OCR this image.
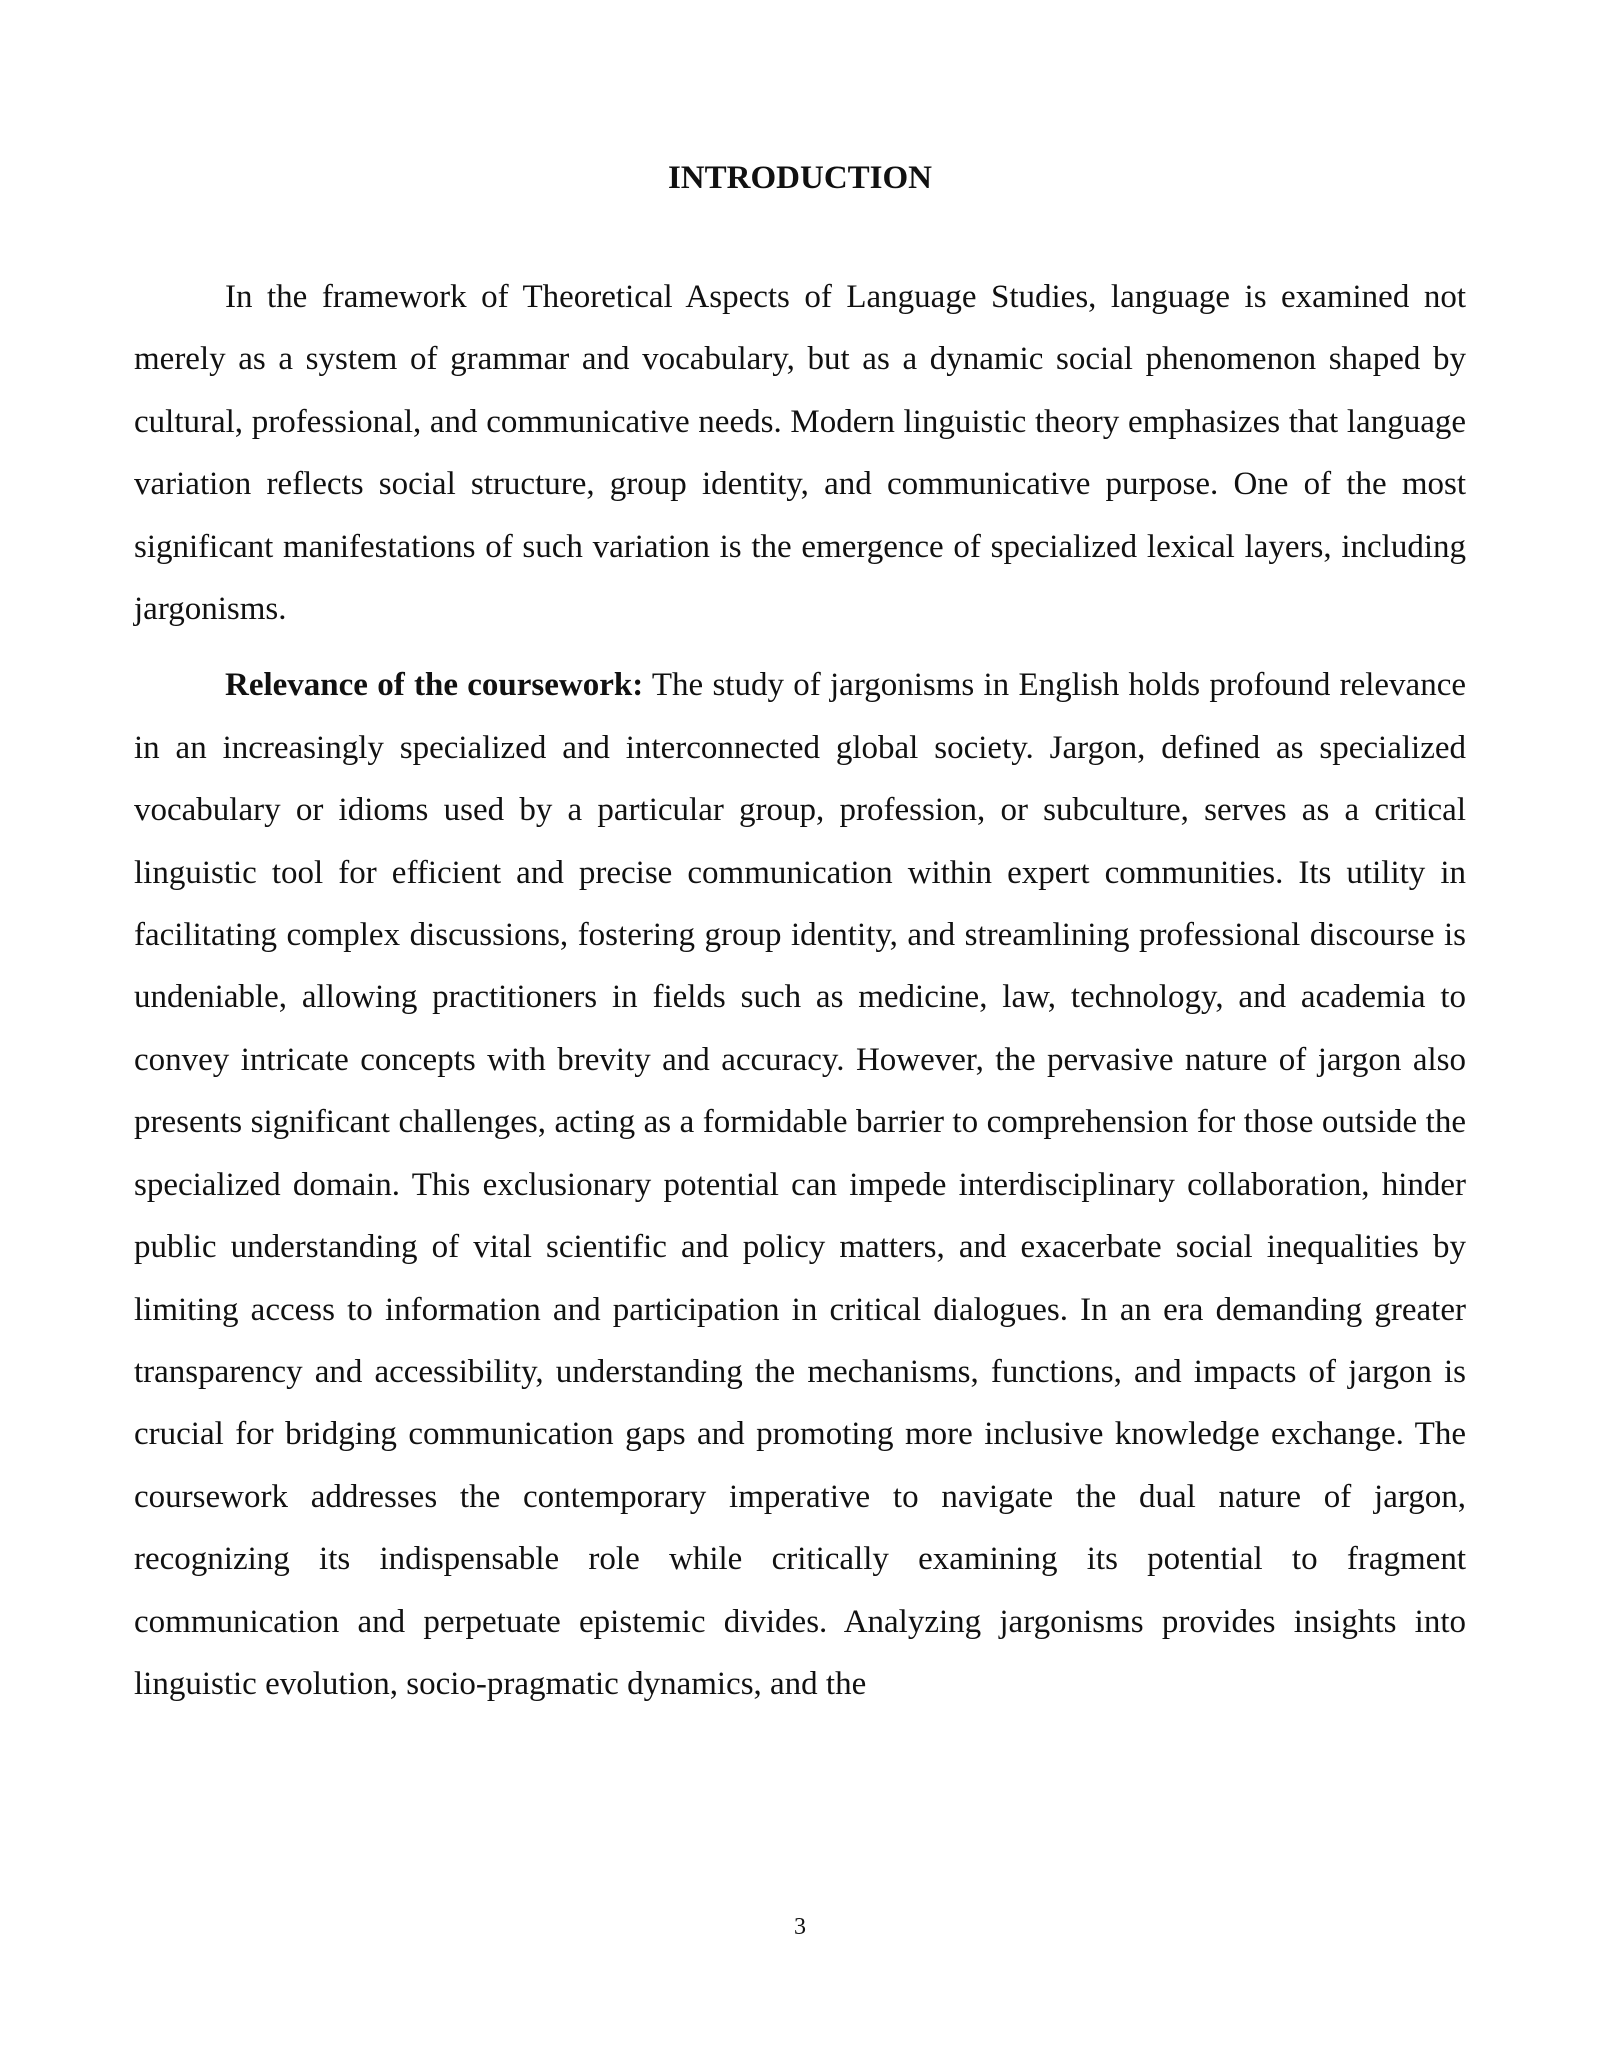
INTRODUCTION

In the framework of Theoretical Aspects of Language Studies, language is examined not merely as a system of grammar and vocabulary, but as a dynamic social phenomenon shaped by cultural, professional, and communicative needs. Modern linguistic theory emphasizes that language variation reflects social structure, group identity, and communicative purpose. One of the most significant manifestations of such variation is the emergence of specialized lexical layers, including jargonisms.

Relevance of the coursework: The study of jargonisms in English holds profound relevance in an increasingly specialized and interconnected global society. Jargon, defined as specialized vocabulary or idioms used by a particular group, profession, or subculture, serves as a critical linguistic tool for efficient and precise communication within expert communities. Its utility in facilitating complex discussions, fostering group identity, and streamlining professional discourse is undeniable, allowing practitioners in fields such as medicine, law, technology, and academia to convey intricate concepts with brevity and accuracy. However, the pervasive nature of jargon also presents significant challenges, acting as a formidable barrier to comprehension for those outside the specialized domain. This exclusionary potential can impede interdisciplinary collaboration, hinder public understanding of vital scientific and policy matters, and exacerbate social inequalities by limiting access to information and participation in critical dialogues. In an era demanding greater transparency and accessibility, understanding the mechanisms, functions, and impacts of jargon is crucial for bridging communication gaps and promoting more inclusive knowledge exchange. The coursework addresses the contemporary imperative to navigate the dual nature of jargon, recognizing its indispensable role while critically examining its potential to fragment communication and perpetuate epistemic divides. Analyzing jargonisms provides insights into linguistic evolution, socio-pragmatic dynamics, and the

3
